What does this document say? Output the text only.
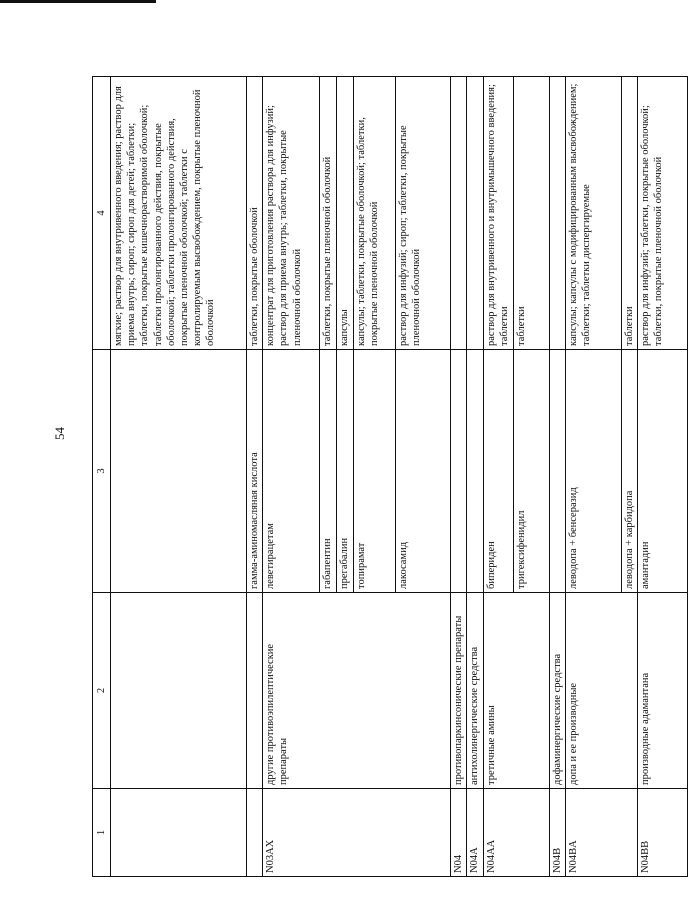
54
1	2	3	4
			мягкие; раствор для внутривенного введения; раствор для приема внутрь; сироп; сироп для детей; таблетки; таблетки, покрытые кишечнорастворимой оболочкой; таблетки пролонгированного действия, покрытые оболочкой; таблетки пролонгированного действия, покрытые пленочной оболочкой; таблетки с контролируемым высвобождением, покрытые пленочной оболочкой
		гамма-аминомасляная кислота	таблетки, покрытые оболочкой
N03AX	другие противоэпилептические препараты	леветирацетам	концентрат для приготовления раствора для инфузий; раствор для приема внутрь; таблетки, покрытые пленочной оболочкой
		габапентин	таблетки, покрытые пленочной оболочкой
		прегабалин	капсулы
		топирамат	капсулы; таблетки, покрытые оболочкой; таблетки, покрытые пленочной оболочкой
		лакосамид	раствор для инфузий; сироп; таблетки, покрытые пленочной оболочкой
N04	противопаркинсонические препараты		
N04A	антихолинергические средства		
N04AA	третичные амины	бипериден	раствор для внутривенного и внутримышечного введения; таблетки
		тригексифенидил	таблетки
N04B	дофаминергические средства		
N04BA	допа и ее производные	леводопа + бенсеразид	капсулы; капсулы с модифицированным высвобождением; таблетки; таблетки диспергируемые
		леводопа + карбидопа	таблетки
N04BB	производные адамантана	амантадин	раствор для инфузий; таблетки, покрытые оболочкой; таблетки, покрытые пленочной оболочкой
